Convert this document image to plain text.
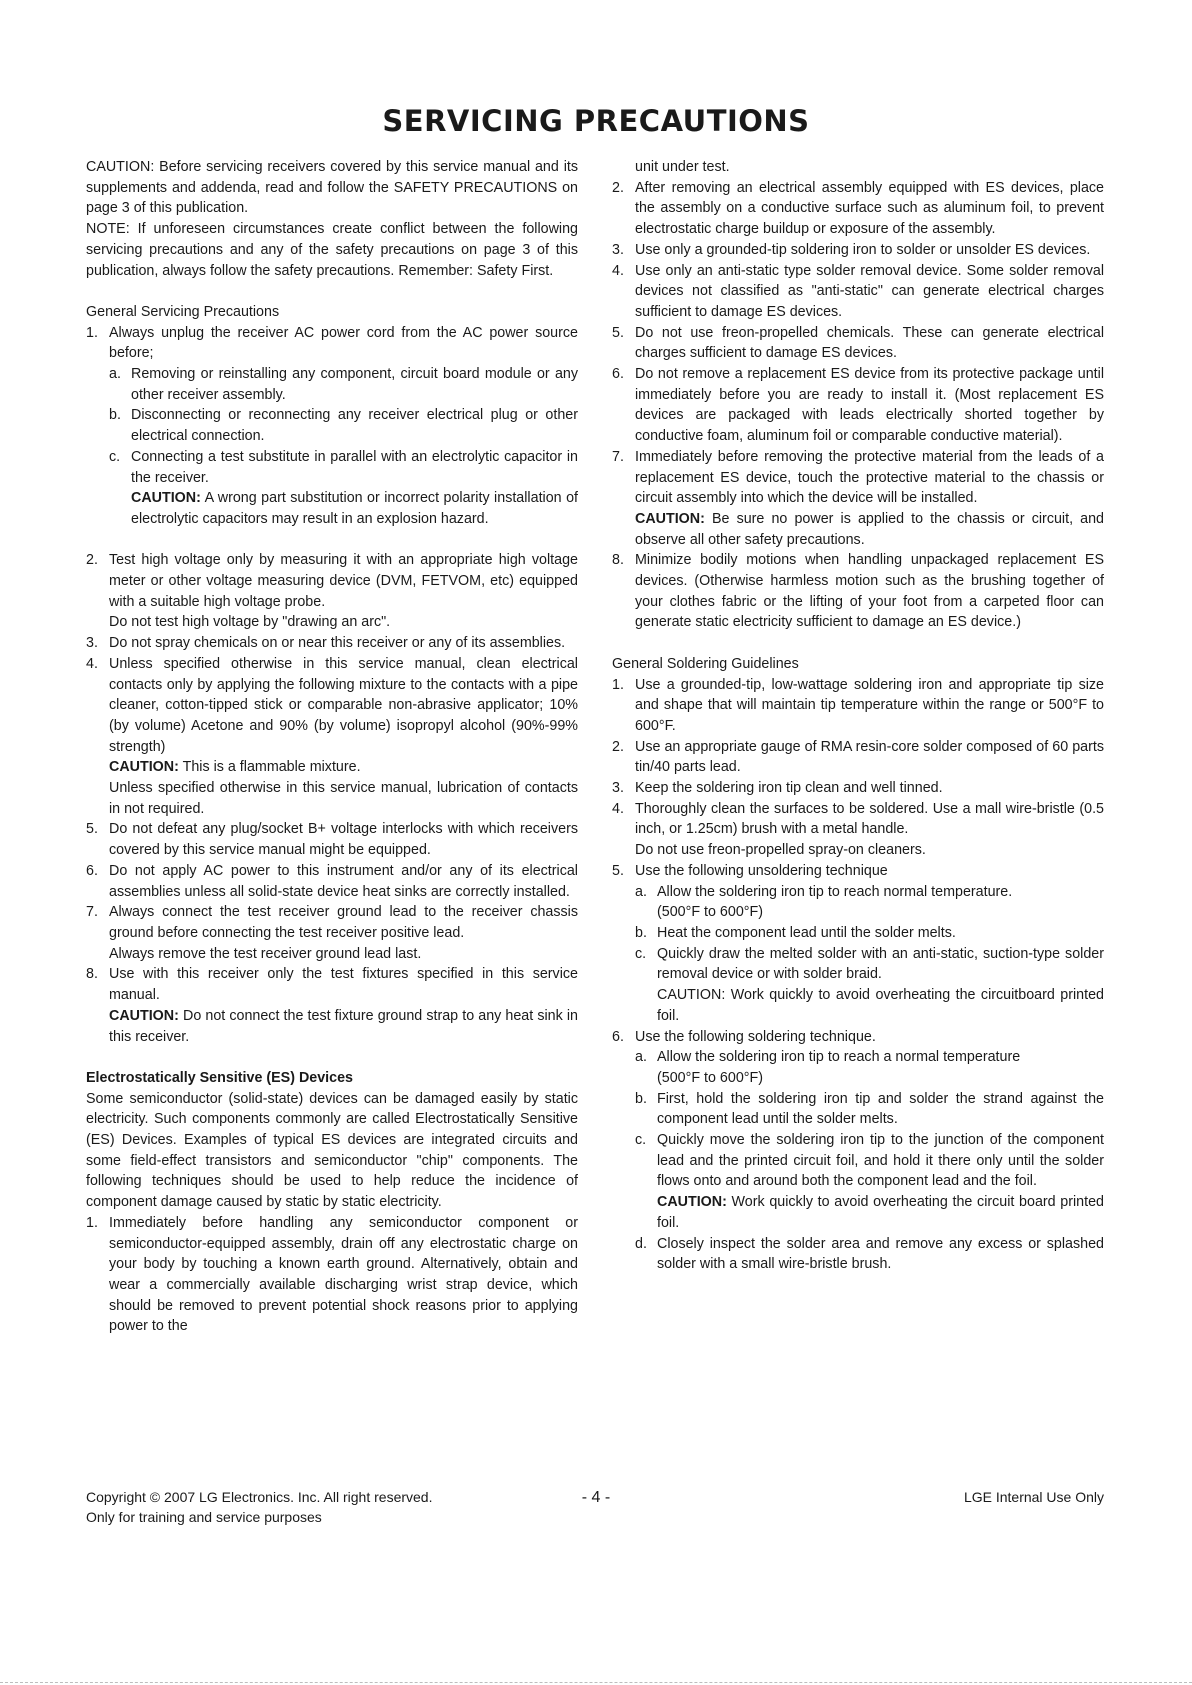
SERVICING PRECAUTIONS

CAUTION: Before servicing receivers covered by this service manual and its supplements and addenda, read and follow the SAFETY PRECAUTIONS on page 3 of this publication.

NOTE: If unforeseen circumstances create conflict between the following servicing precautions and any of the safety precautions on page 3 of this publication, always follow the safety precautions. Remember: Safety First.

General Servicing Precautions

1. Always unplug the receiver AC power cord from the AC power source before;
a. Removing or reinstalling any component, circuit board module or any other receiver assembly.
b. Disconnecting or reconnecting any receiver electrical plug or other electrical connection.
c. Connecting a test substitute in parallel with an electrolytic capacitor in the receiver.

CAUTION: A wrong part substitution or incorrect polarity installation of electrolytic capacitors may result in an explosion hazard.

2. Test high voltage only by measuring it with an appropriate high voltage meter or other voltage measuring device (DVM, FETVOM, etc) equipped with a suitable high voltage probe.

Do not test high voltage by "drawing an arc".

3. Do not spray chemicals on or near this receiver or any of its assemblies.
4. Unless specified otherwise in this service manual, clean electrical contacts only by applying the following mixture to the contacts with a pipe cleaner, cotton-tipped stick or comparable non-abrasive applicator; 10% (by volume) Acetone and 90% (by volume) isopropyl alcohol (90%-99% strength)

CAUTION: This is a flammable mixture.

Unless specified otherwise in this service manual, lubrication of contacts in not required.

5. Do not defeat any plug/socket B+ voltage interlocks with which receivers covered by this service manual might be equipped.
6. Do not apply AC power to this instrument and/or any of its electrical assemblies unless all solid-state device heat sinks are correctly installed.
7. Always connect the test receiver ground lead to the receiver chassis ground before connecting the test receiver positive lead.

Always remove the test receiver ground lead last.

8. Use with this receiver only the test fixtures specified in this service manual.

CAUTION: Do not connect the test fixture ground strap to any heat sink in this receiver.

Electrostatically Sensitive (ES) Devices

Some semiconductor (solid-state) devices can be damaged easily by static electricity. Such components commonly are called Electrostatically Sensitive (ES) Devices. Examples of typical ES devices are integrated circuits and some field-effect transistors and semiconductor "chip" components. The following techniques should be used to help reduce the incidence of component damage caused by static by static electricity.

1. Immediately before handling any semiconductor component or semiconductor-equipped assembly, drain off any electrostatic charge on your body by touching a known earth ground. Alternatively, obtain and wear a commercially available discharging wrist strap device, which should be removed to prevent potential shock reasons prior to applying power to the

unit under test.

2. After removing an electrical assembly equipped with ES devices, place the assembly on a conductive surface such as aluminum foil, to prevent electrostatic charge buildup or exposure of the assembly.
3. Use only a grounded-tip soldering iron to solder or unsolder ES devices.
4. Use only an anti-static type solder removal device. Some solder removal devices not classified as "anti-static" can generate electrical charges sufficient to damage ES devices.
5. Do not use freon-propelled chemicals. These can generate electrical charges sufficient to damage ES devices.
6. Do not remove a replacement ES device from its protective package until immediately before you are ready to install it. (Most replacement ES devices are packaged with leads electrically shorted together by conductive foam, aluminum foil or comparable conductive material).
7. Immediately before removing the protective material from the leads of a replacement ES device, touch the protective material to the chassis or circuit assembly into which the device will be installed.

CAUTION: Be sure no power is applied to the chassis or circuit, and observe all other safety precautions.

8. Minimize bodily motions when handling unpackaged replacement ES devices. (Otherwise harmless motion such as the brushing together of your clothes fabric or the lifting of your foot from a carpeted floor can generate static electricity sufficient to damage an ES device.)

General Soldering Guidelines

1. Use a grounded-tip, low-wattage soldering iron and appropriate tip size and shape that will maintain tip temperature within the range or 500°F to 600°F.
2. Use an appropriate gauge of RMA resin-core solder composed of 60 parts tin/40 parts lead.
3. Keep the soldering iron tip clean and well tinned.
4. Thoroughly clean the surfaces to be soldered. Use a mall wire-bristle (0.5 inch, or 1.25cm) brush with a metal handle.

Do not use freon-propelled spray-on cleaners.

5. Use the following unsoldering technique
a. Allow the soldering iron tip to reach normal temperature.

(500°F to 600°F)

b. Heat the component lead until the solder melts.
c. Quickly draw the melted solder with an anti-static, suction-type solder removal device or with solder braid.

CAUTION: Work quickly to avoid overheating the circuitboard printed foil.

6. Use the following soldering technique.
a. Allow the soldering iron tip to reach a normal temperature

(500°F to 600°F)

b. First, hold the soldering iron tip and solder the strand against the component lead until the solder melts.
c. Quickly move the soldering iron tip to the junction of the component lead and the printed circuit foil, and hold it there only until the solder flows onto and around both the component lead and the foil.

CAUTION: Work quickly to avoid overheating the circuit board printed foil.

d. Closely inspect the solder area and remove any excess or splashed solder with a small wire-bristle brush.
Copyright © 2007 LG Electronics. Inc. All right reserved.
Only for training and service purposes
- 4 -	LGE Internal Use Only
